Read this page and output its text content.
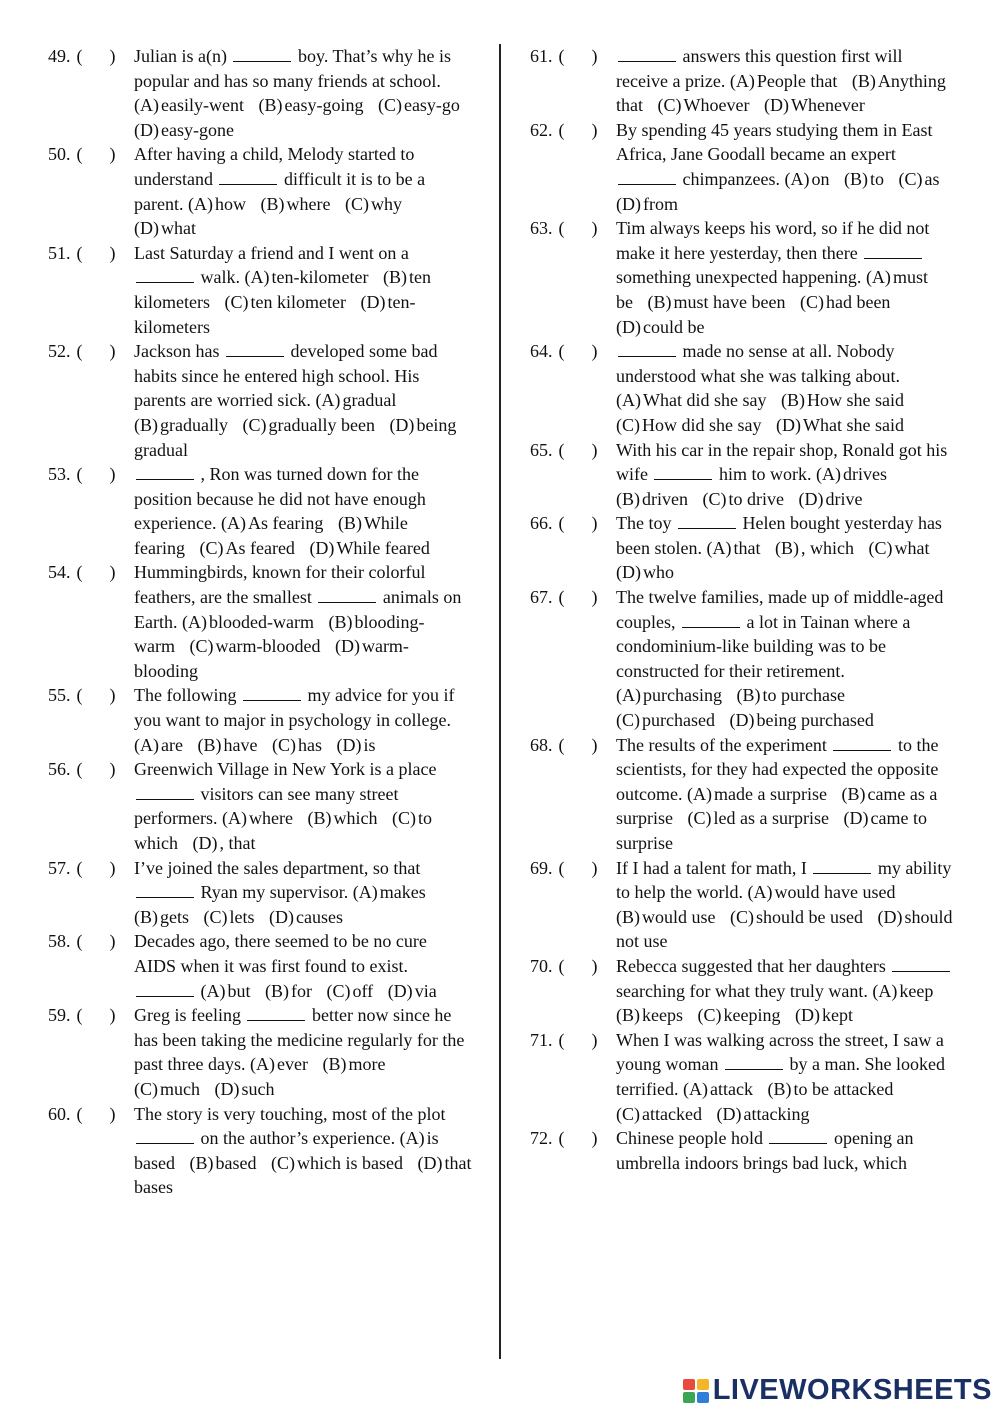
49. (      ) Julian is a(n)	boy. That’s why he is popular and has so many friends at school. (A) easily-went (B) easy-going (C) easy-go (D) easy-gone
50. (      ) After having a child, Melody started to understand	difficult it is to be a parent. (A) how (B) where (C) why (D) what
51. (      ) Last Saturday a friend and I went on a  walk. (A) ten-kilometer (B) ten kilometers (C) ten kilometer (D) ten-kilometers
52. (      ) Jackson has	developed some bad habits since he entered high school. His parents are worried sick. (A) gradual (B) gradually (C) gradually been (D) being gradual
53. (      )	, Ron was turned down for the position because he did not have enough experience. (A) As fearing (B) While fearing (C) As feared (D) While feared
54. (      ) Hummingbirds, known for their colorful feathers, are the smallest	animals on Earth. (A) blooded-warm (B) blooding-warm (C) warm-blooded (D) warm-blooding
55. (      ) The following	my advice for you if you want to major in psychology in college. (A) are (B) have (C) has (D) is
56. (      ) Greenwich Village in New York is a place  visitors can see many street performers. (A) where (B) which (C) to which (D) , that
57. (      ) I’ve joined the sales department, so that  Ryan my supervisor. (A) makes (B) gets (C) lets (D) causes
58. (      ) Decades ago, there seemed to be no cure AIDS when it was first found to exist.  (A) but (B) for (C) off (D) via
59. (      ) Greg is feeling	better now since he has been taking the medicine regularly for the past three days. (A) ever (B) more (C) much (D) such
60. (      ) The story is very touching, most of the plot  on the author’s experience. (A) is based (B) based (C) which is based (D) that bases
61. (      )	answers this question first will receive a prize. (A) People that (B) Anything that (C) Whoever (D) Whenever
62. (      ) By spending 45 years studying them in East Africa, Jane Goodall became an expert  chimpanzees. (A) on (B) to (C) as (D) from
63. (      ) Tim always keeps his word, so if he did not make it here yesterday, then there  something unexpected happening. (A) must be (B) must have been (C) had been (D) could be
64. (      )	made no sense at all. Nobody understood what she was talking about. (A) What did she say (B) How she said (C) How did she say (D) What she said
65. (      ) With his car in the repair shop, Ronald got his wife	him to work. (A) drives (B) driven (C) to drive (D) drive
66. (      ) The toy	Helen bought yesterday has been stolen. (A) that (B) , which (C) what (D) who
67. (      ) The twelve families, made up of middle-aged couples,	a lot in Tainan where a condominium-like building was to be constructed for their retirement. (A) purchasing (B) to purchase (C) purchased (D) being purchased
68. (      ) The results of the experiment	to the scientists, for they had expected the opposite outcome. (A) made a surprise (B) came as a surprise (C) led as a surprise (D) came to surprise
69. (      ) If I had a talent for math, I	my ability to help the world. (A) would have used (B) would use (C) should be used (D) should not use
70. (      ) Rebecca suggested that her daughters  searching for what they truly want. (A) keep (B) keeps (C) keeping (D) kept
71. (      ) When I was walking across the street, I saw a young woman	by a man. She looked terrified. (A) attack (B) to be attacked (C) attacked (D) attacking
72. (      ) Chinese people hold	opening an umbrella indoors brings bad luck, which
LIVEWORKSHEETS
